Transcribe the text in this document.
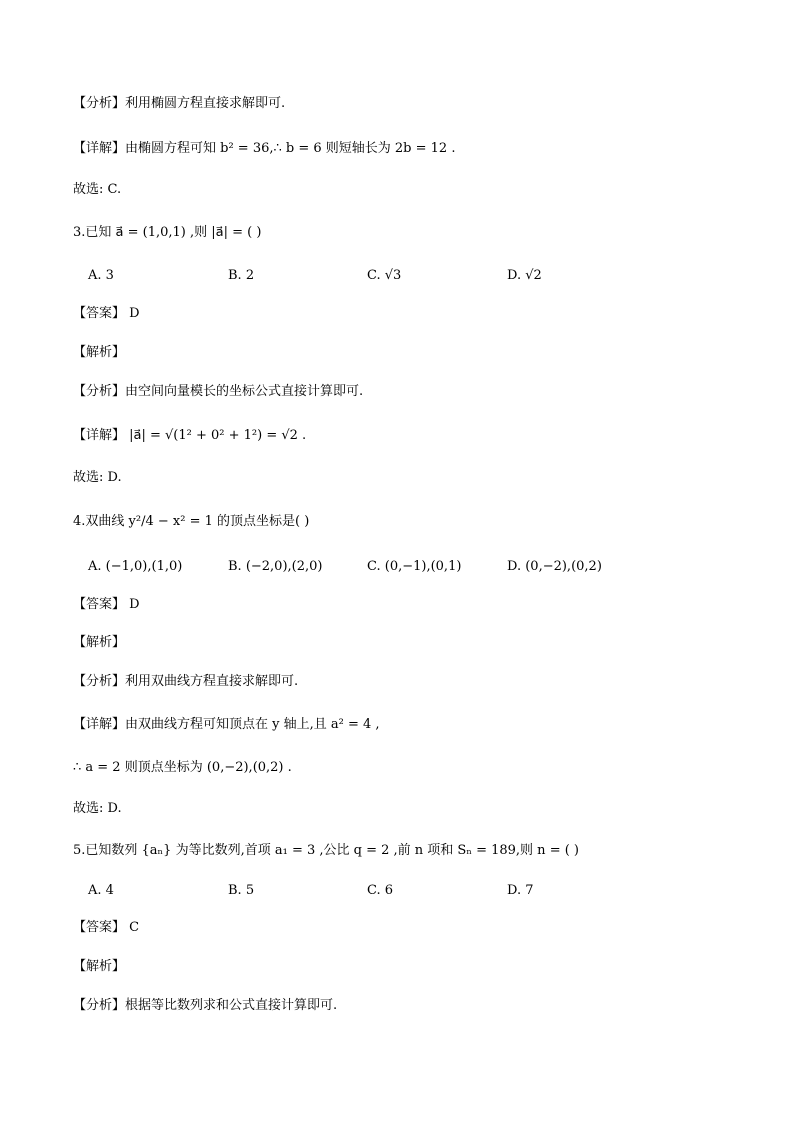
【分析】利用椭圆方程直接求解即可.
【详解】由椭圆方程可知 b² = 36,∴ b = 6 则短轴长为 2b = 12 .
故选: C.
3.已知 a⃗ = (1,0,1) ,则 |a⃗| = ( )
A. 3	B. 2	C. √3	D. √2
【答案】 D
【解析】
【分析】由空间向量模长的坐标公式直接计算即可.
【详解】 |a⃗| = √(1² + 0² + 1²) = √2 .
故选: D.
4.双曲线 y²/4 − x² = 1 的顶点坐标是( )
A. (−1,0),(1,0)	B. (−2,0),(2,0)	C. (0,−1),(0,1)	D. (0,−2),(0,2)
【答案】 D
【解析】
【分析】利用双曲线方程直接求解即可.
【详解】由双曲线方程可知顶点在 y 轴上,且 a² = 4 ,
∴ a = 2 则顶点坐标为 (0,−2),(0,2) .
故选: D.
5.已知数列 {aₙ} 为等比数列,首项 a₁ = 3 ,公比 q = 2 ,前 n 项和 Sₙ = 189,则 n = ( )
A. 4	B. 5	C. 6	D. 7
【答案】 C
【解析】
【分析】根据等比数列求和公式直接计算即可.
